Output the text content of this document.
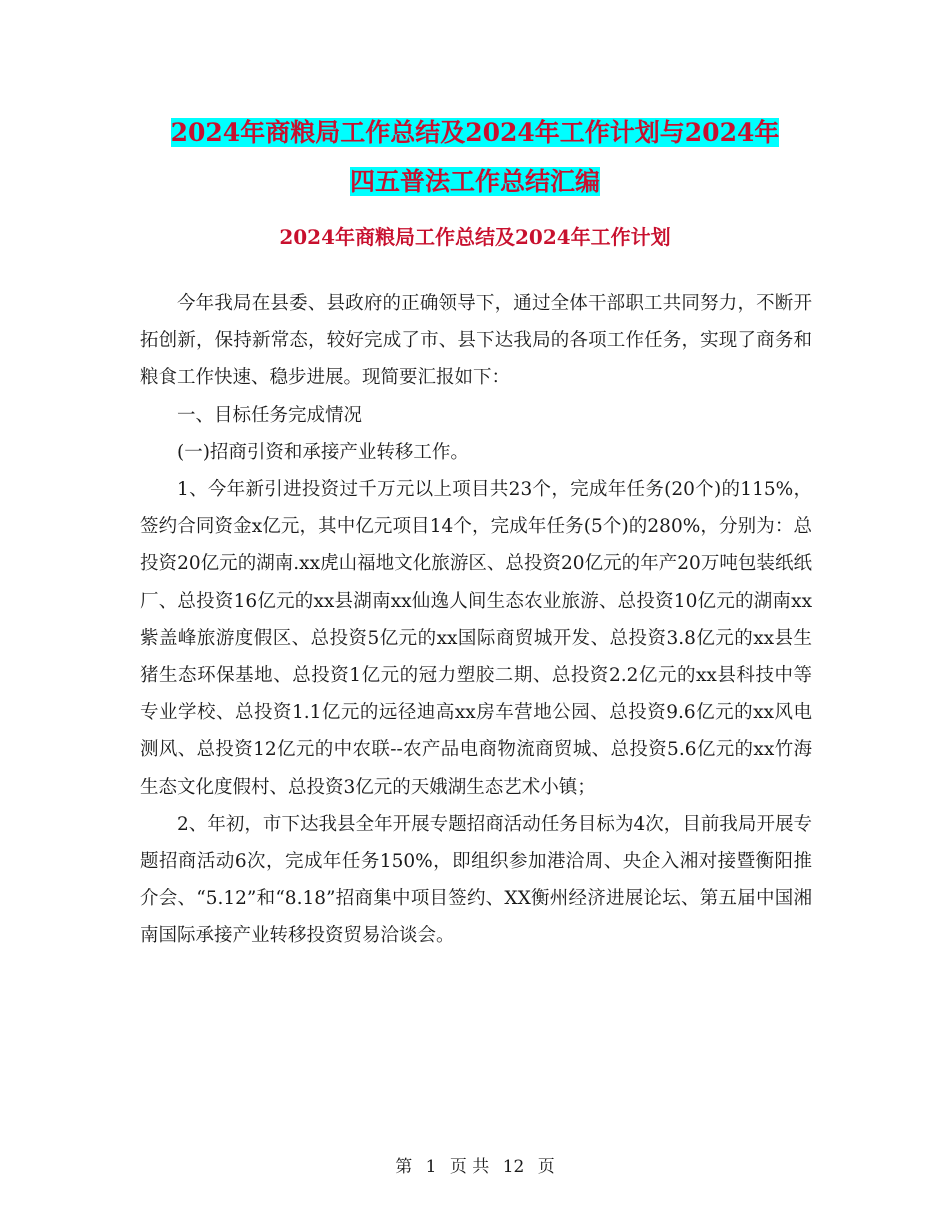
2024年商粮局工作总结及2024年工作计划与2024年
四五普法工作总结汇编
2024年商粮局工作总结及2024年工作计划

今年我局在县委、县政府的正确领导下，通过全体干部职工共同努力，不断开拓创新，保持新常态，较好完成了市、县下达我局的各项工作任务，实现了商务和粮食工作快速、稳步进展。现简要汇报如下：

一、目标任务完成情况

(一)招商引资和承接产业转移工作。

1、今年新引进投资过千万元以上项目共23个，完成年任务(20个)的115%，签约合同资金x亿元，其中亿元项目14个，完成年任务(5个)的280%，分别为：总投资20亿元的湖南.xx虎山福地文化旅游区、总投资20亿元的年产20万吨包装纸纸厂、总投资16亿元的xx县湖南xx仙逸人间生态农业旅游、总投资10亿元的湖南xx紫盖峰旅游度假区、总投资5亿元的xx国际商贸城开发、总投资3.8亿元的xx县生猪生态环保基地、总投资1亿元的冠力塑胶二期、总投资2.2亿元的xx县科技中等专业学校、总投资1.1亿元的远径迪高xx房车营地公园、总投资9.6亿元的xx风电测风、总投资12亿元的中农联--农产品电商物流商贸城、总投资5.6亿元的xx竹海生态文化度假村、总投资3亿元的天娥湖生态艺术小镇；

2、年初，市下达我县全年开展专题招商活动任务目标为4次，目前我局开展专题招商活动6次，完成年任务150%，即组织参加港洽周、央企入湘对接暨衡阳推介会、“5.12”和“8.18”招商集中项目签约、XX衡州经济进展论坛、第五届中国湘南国际承接产业转移投资贸易洽谈会。

第 1 页 共 12 页
